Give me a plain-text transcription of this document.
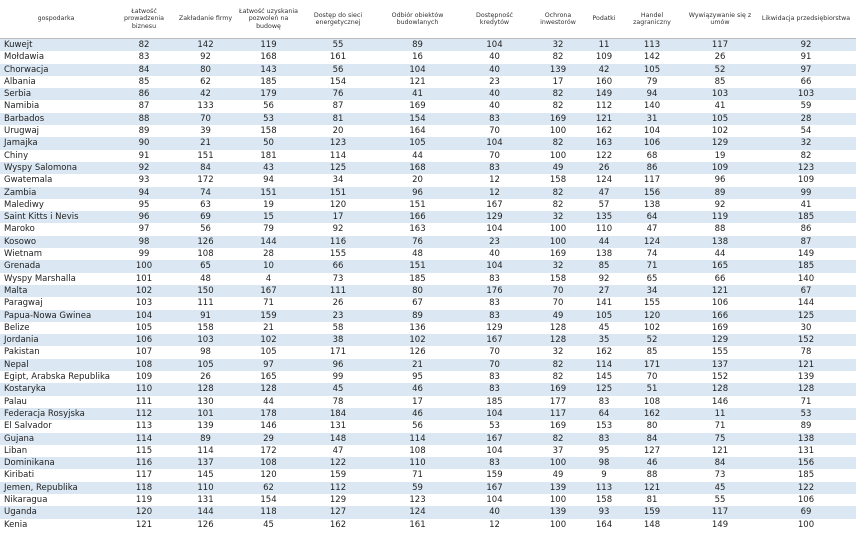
gospodarka	Łatwość prowadzenia biznesu	Zakładanie firmy	Łatwość uzyskania pozwoleń na budowę	Dostęp do sieci energetycznej	Odbiór obiektów budowlanych	Dostępność kredytów	Ochrona inwestorów	Podatki	Handel zagraniczny	Wywiązywanie się z umów	Likwidacja przedsiębiorstwa
Kuwejt	82	142	119	55	89	104	32	11	113	117	92
Mołdawia	83	92	168	161	16	40	82	109	142	26	91
Chorwacja	84	80	143	56	104	40	139	42	105	52	97
Albania	85	62	185	154	121	23	17	160	79	85	66
Serbia	86	42	179	76	41	40	82	149	94	103	103
Namibia	87	133	56	87	169	40	82	112	140	41	59
Barbados	88	70	53	81	154	83	169	121	31	105	28
Urugwaj	89	39	158	20	164	70	100	162	104	102	54
Jamajka	90	21	50	123	105	104	82	163	106	129	32
Chiny	91	151	181	114	44	70	100	122	68	19	82
Wyspy Salomona	92	84	43	125	168	83	49	26	86	109	123
Gwatemala	93	172	94	34	20	12	158	124	117	96	109
Zambia	94	74	151	151	96	12	82	47	156	89	99
Malediwy	95	63	19	120	151	167	82	57	138	92	41
Saint Kitts i Nevis	96	69	15	17	166	129	32	135	64	119	185
Maroko	97	56	79	92	163	104	100	110	47	88	86
Kosowo	98	126	144	116	76	23	100	44	124	138	87
Wietnam	99	108	28	155	48	40	169	138	74	44	149
Grenada	100	65	10	66	151	104	32	85	71	165	185
Wyspy Marshalla	101	48	4	73	185	83	158	92	65	66	140
Malta	102	150	167	111	80	176	70	27	34	121	67
Paragwaj	103	111	71	26	67	83	70	141	155	106	144
Papua-Nowa Gwinea	104	91	159	23	89	83	49	105	120	166	125
Belize	105	158	21	58	136	129	128	45	102	169	30
Jordania	106	103	102	38	102	167	128	35	52	129	152
Pakistan	107	98	105	171	126	70	32	162	85	155	78
Nepal	108	105	97	96	21	70	82	114	171	137	121
Egipt, Arabska Republika	109	26	165	99	95	83	82	145	70	152	139
Kostaryka	110	128	128	45	46	83	169	125	51	128	128
Palau	111	130	44	78	17	185	177	83	108	146	71
Federacja Rosyjska	112	101	178	184	46	104	117	64	162	11	53
El Salvador	113	139	146	131	56	53	169	153	80	71	89
Gujana	114	89	29	148	114	167	82	83	84	75	138
Liban	115	114	172	47	108	104	37	95	127	121	131
Dominikana	116	137	108	122	110	83	100	98	46	84	156
Kiribati	117	145	120	159	71	159	49	9	88	73	185
Jemen, Republika	118	110	62	112	59	167	139	113	121	45	122
Nikaragua	119	131	154	129	123	104	100	158	81	55	106
Uganda	120	144	118	127	124	40	139	93	159	117	69
Kenia	121	126	45	162	161	12	100	164	148	149	100
